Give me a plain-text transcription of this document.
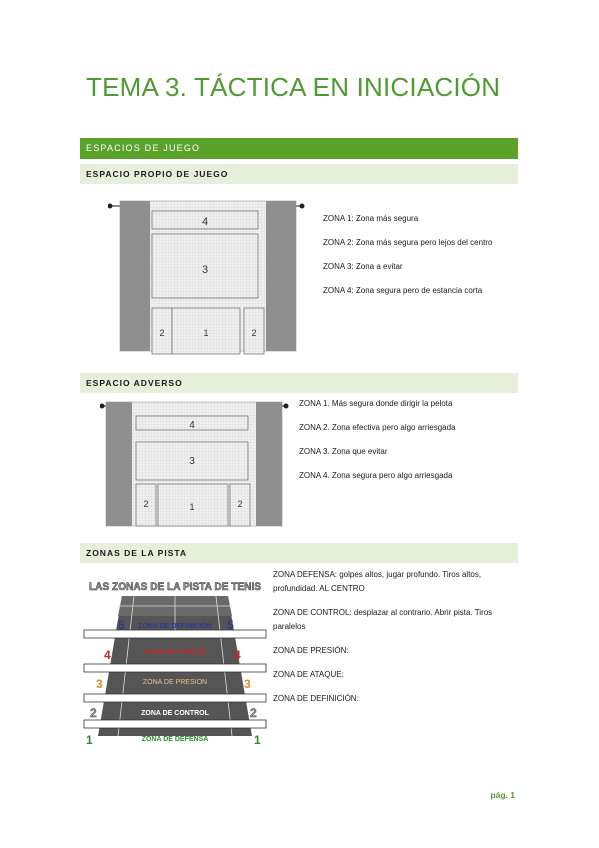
TEMA 3. TÁCTICA EN INICIACIÓN
ESPACIOS DE JUEGO
ESPACIO PROPIO DE JUEGO
4
3
2	1	2
ZONA 1: Zona más segura
ZONA 2: Zona más segura pero lejos del centro
ZONA 3: Zona a evitar
ZONA 4: Zona segura pero de estancia corta
ESPACIO ADVERSO
4
3
2	1	2
ZONA 1. Más segura donde dirigir la pelota
ZONA 2. Zona efectiva pero algo arriesgada
ZONA 3. Zona que evitar
ZONA 4. Zona segura pero algo arriesgada
ZONAS DE LA PISTA
LAS ZONAS DE LA PISTA DE TENIS
5	5
ZONA DE DEFINICIÓN
4	4
ZONA DE ATAQUE
3	3
ZONA DE PRESION
2	2
ZONA DE CONTROL
1	1
ZONA DE DEFENSA
ZONA DEFENSA: golpes altos, jugar profundo. Tiros altos, profundidad. AL CENTRO
ZONA DE CONTROL: desplazar al contrario. Abrir pista. Tiros paralelos
ZONA DE PRESIÓN:
ZONA DE ATAQUE:
ZONA DE DEFINICIÓN:
pág. 1
